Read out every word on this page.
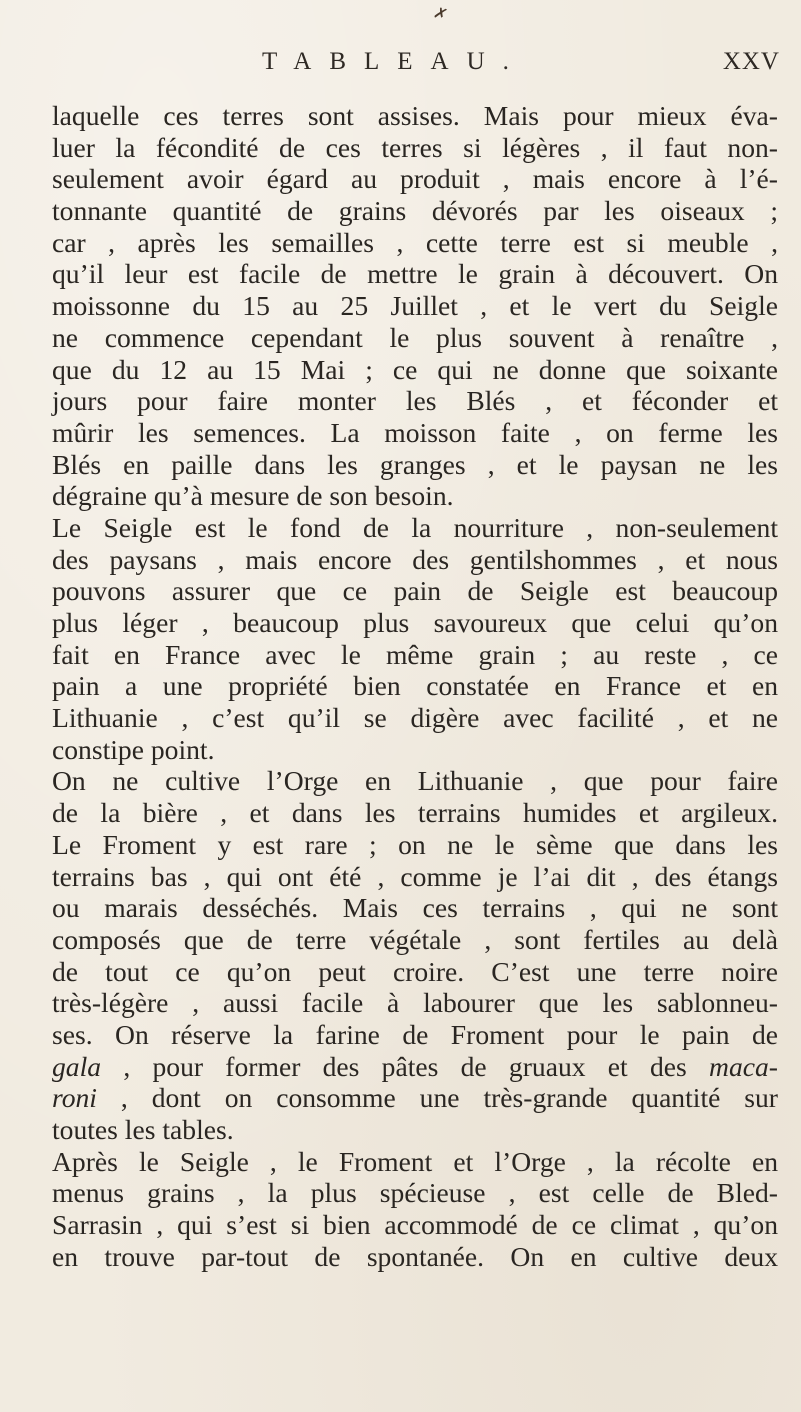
✗
TABLEAU.	XXV
laquelle ces terres sont assises. Mais pour mieux éva-
luer la fécondité de ces terres si légères , il faut non-
seulement avoir égard au produit , mais encore à l’é-
tonnante quantité de grains dévorés par les oiseaux ;
car , après les semailles , cette terre est si meuble ,
qu’il leur est facile de mettre le grain à découvert. On
moissonne du 15 au 25 Juillet , et le vert du Seigle
ne commence cependant le plus souvent à renaître ,
que du 12 au 15 Mai ; ce qui ne donne que soixante
jours pour faire monter les Blés , et féconder et
mûrir les semences. La moisson faite , on ferme les
Blés en paille dans les granges , et le paysan ne les
dégraine qu’à mesure de son besoin.
Le Seigle est le fond de la nourriture , non-seulement
des paysans , mais encore des gentilshommes , et nous
pouvons assurer que ce pain de Seigle est beaucoup
plus léger , beaucoup plus savoureux que celui qu’on
fait en France avec le même grain ; au reste , ce
pain a une propriété bien constatée en France et en
Lithuanie , c’est qu’il se digère avec facilité , et ne
constipe point.
On ne cultive l’Orge en Lithuanie , que pour faire
de la bière , et dans les terrains humides et argileux.
Le Froment y est rare ; on ne le sème que dans les
terrains bas , qui ont été , comme je l’ai dit , des étangs
ou marais desséchés. Mais ces terrains , qui ne sont
composés que de terre végétale , sont fertiles au delà
de tout ce qu’on peut croire. C’est une terre noire
très-légère , aussi facile à labourer que les sablonneu-
ses. On réserve la farine de Froment pour le pain de
gala , pour former des pâtes de gruaux et des maca-
roni , dont on consomme une très-grande quantité sur
toutes les tables.
Après le Seigle , le Froment et l’Orge , la récolte en
menus grains , la plus spécieuse , est celle de Bled-
Sarrasin , qui s’est si bien accommodé de ce climat , qu’on
en trouve par-tout de spontanée. On en cultive deux
